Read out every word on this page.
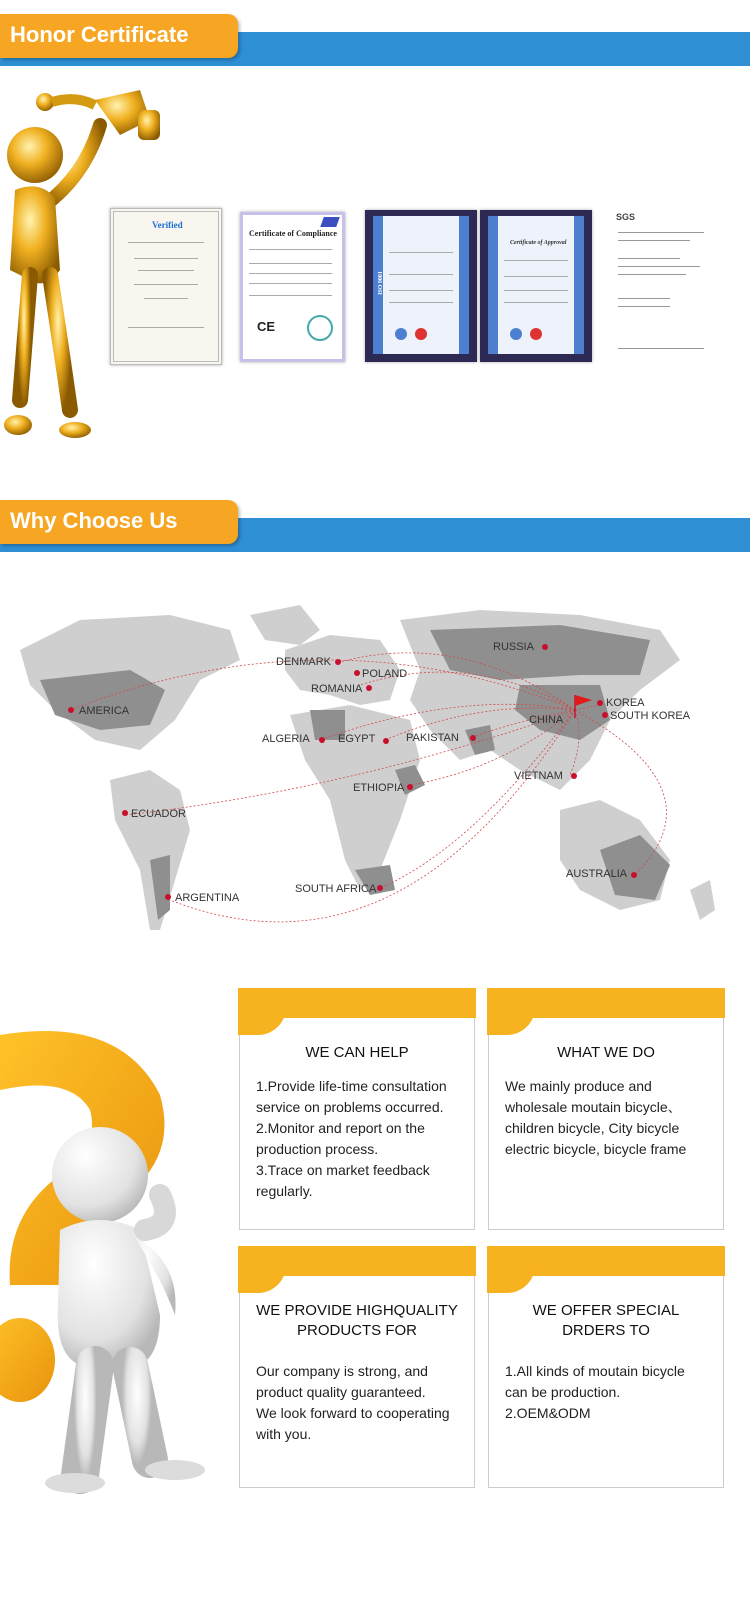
Honor Certificate
Verified
Certificate of Compliance
CE
ISO 9001
Certificate of Approval
SGS
Why Choose Us
RUSSIA
DENMARK
POLAND
ROMANIA
AMERICA
KOREA
SOUTH KOREA
CHINA
ALGERIA	EGYPT	PAKISTAN
VIETNAM
ETHIOPIA
ECUADOR
AUSTRALIA
SOUTH AFRICA
ARGENTINA
WE CAN HELP
1.Provide life-time consultation
service on problems occurred.
2.Monitor and report on the
production process.
3.Trace on market feedback
regularly.
WHAT WE DO
We mainly produce and
wholesale moutain bicycle、
children bicycle, City bicycle
electric bicycle, bicycle frame
WE PROVIDE HIGHQUALITY
PRODUCTS FOR
Our company is strong, and
product quality guaranteed.
We look forward to cooperating
with you.
WE OFFER SPECIAL
DRDERS TO
1.All kinds of moutain bicycle
can be production.
2.OEM&ODM
